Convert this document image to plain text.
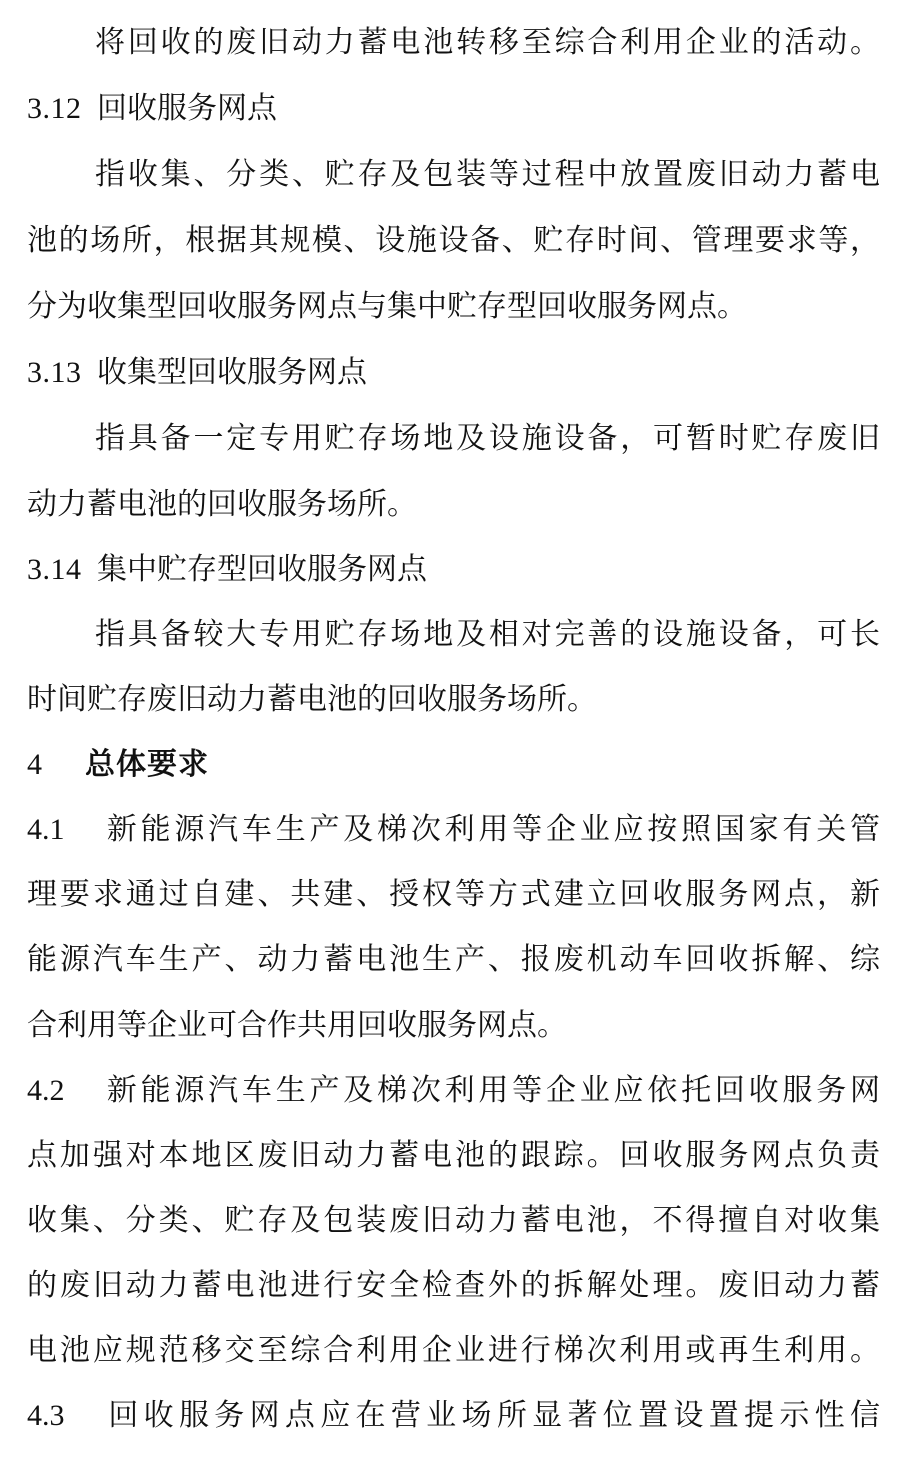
将回收的废旧动力蓄电池转移至综合利用企业的活动。
3.12 回收服务网点
指收集、分类、贮存及包装等过程中放置废旧动力蓄电
池的场所，根据其规模、设施设备、贮存时间、管理要求等，
分为收集型回收服务网点与集中贮存型回收服务网点。
3.13 收集型回收服务网点
指具备一定专用贮存场地及设施设备，可暂时贮存废旧
动力蓄电池的回收服务场所。
3.14 集中贮存型回收服务网点
指具备较大专用贮存场地及相对完善的设施设备，可长
时间贮存废旧动力蓄电池的回收服务场所。
4 总体要求
4.1 新能源汽车生产及梯次利用等企业应按照国家有关管
理要求通过自建、共建、授权等方式建立回收服务网点，新
能源汽车生产、动力蓄电池生产、报废机动车回收拆解、综
合利用等企业可合作共用回收服务网点。
4.2 新能源汽车生产及梯次利用等企业应依托回收服务网
点加强对本地区废旧动力蓄电池的跟踪。回收服务网点负责
收集、分类、贮存及包装废旧动力蓄电池，不得擅自对收集
的废旧动力蓄电池进行安全检查外的拆解处理。废旧动力蓄
电池应规范移交至综合利用企业进行梯次利用或再生利用。
4.3 回收服务网点应在营业场所显著位置设置提示性信
